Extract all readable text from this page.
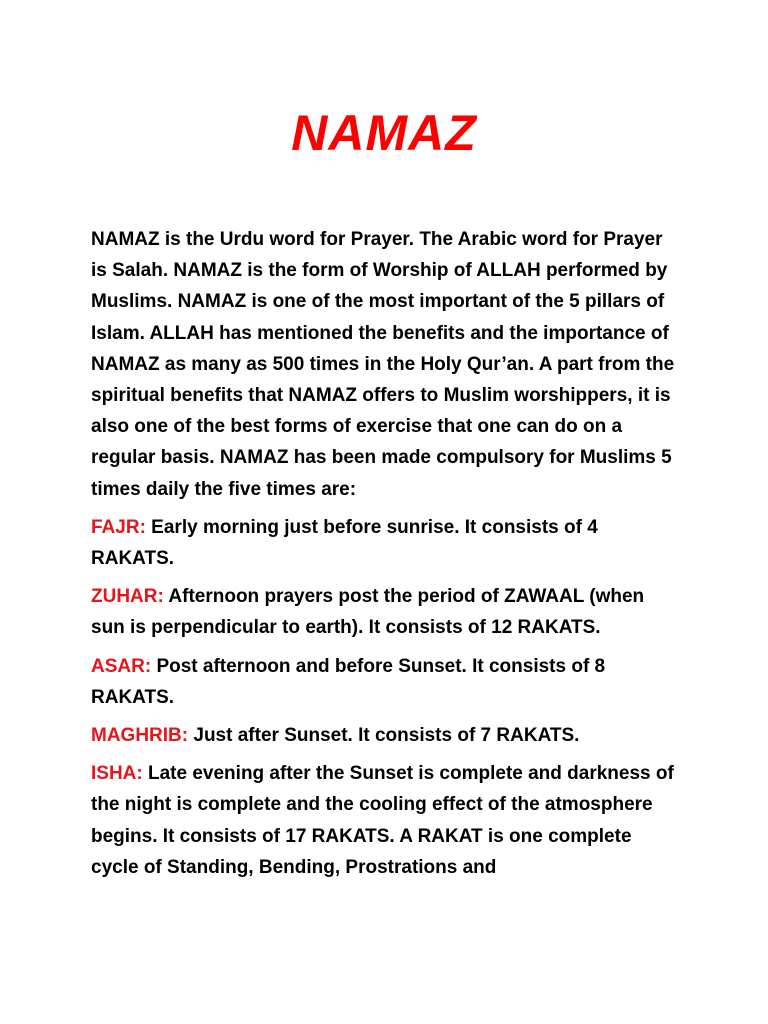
NAMAZ

NAMAZ is the Urdu word for Prayer. The Arabic word for Prayer is Salah. NAMAZ is the form of Worship of ALLAH performed by Muslims. NAMAZ is one of the most important of the 5 pillars of Islam. ALLAH has mentioned the benefits and the importance of NAMAZ as many as 500 times in the Holy Qur’an. A part from the spiritual benefits that NAMAZ offers to Muslim worshippers, it is also one of the best forms of exercise that one can do on a regular basis. NAMAZ has been made compulsory for Muslims 5 times daily the five times are:

FAJR: Early morning just before sunrise. It consists of 4 RAKATS.

ZUHAR: Afternoon prayers post the period of ZAWAAL (when sun is perpendicular to earth). It consists of 12 RAKATS.

ASAR: Post afternoon and before Sunset. It consists of 8 RAKATS.

MAGHRIB: Just after Sunset. It consists of 7 RAKATS.

ISHA: Late evening after the Sunset is complete and darkness of the night is complete and the cooling effect of the atmosphere begins. It consists of 17 RAKATS. A RAKAT is one complete cycle of Standing, Bending, Prostrations and
